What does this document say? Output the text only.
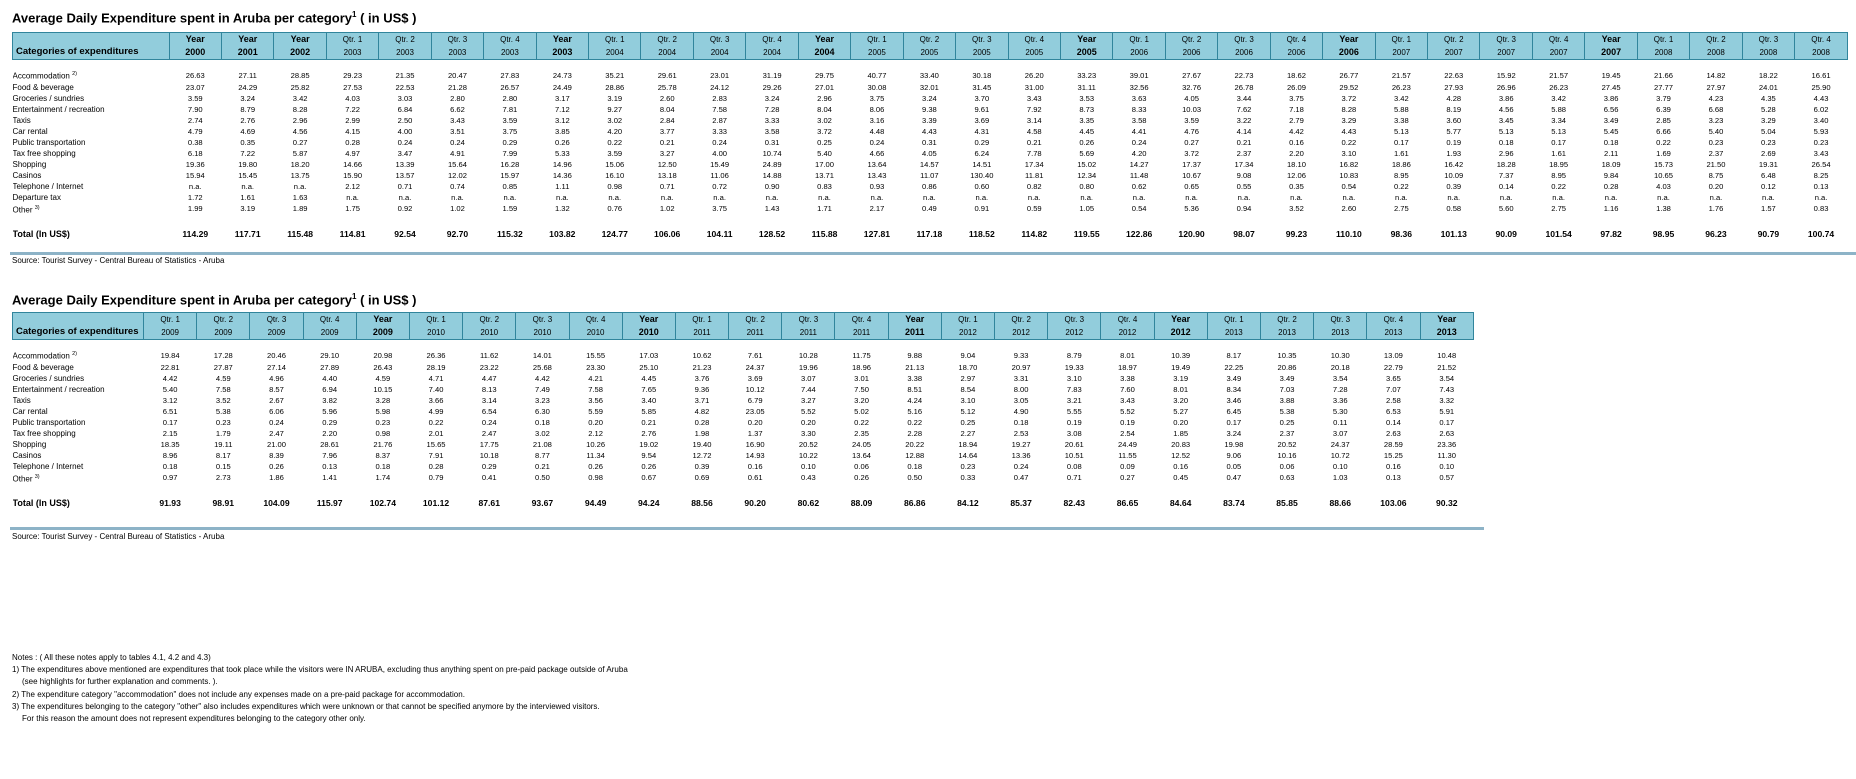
Average Daily Expenditure spent in Aruba per category$^1$ ( in US$ )
Categories of expenditures	Year	Year	Year	Qtr. 1	Qtr. 2	Qtr. 3	Qtr. 4	Year	Qtr. 1	Qtr. 2	Qtr. 3	Qtr. 4	Year	Qtr. 1	Qtr. 2	Qtr. 3	Qtr. 4	Year	Qtr. 1	Qtr. 2	Qtr. 3	Qtr. 4	Year	Qtr. 1	Qtr. 2	Qtr. 3	Qtr. 4	Year	Qtr. 1	Qtr. 2	Qtr. 3	Qtr. 4
	2000	2001	2002	2003	2003	2003	2003	2003	2004	2004	2004	2004	2004	2005	2005	2005	2005	2005	2006	2006	2006	2006	2006	2007	2007	2007	2007	2007	2008	2008	2008	2008

Accommodation $^{2)}$	26.63	27.11	28.85	29.23	21.35	20.47	27.83	24.73	35.21	29.61	23.01	31.19	29.75	40.77	33.40	30.18	26.20	33.23	39.01	27.67	22.73	18.62	26.77	21.57	22.63	15.92	21.57	19.45	21.66	14.82	18.22	16.61
Food & beverage	23.07	24.29	25.82	27.53	22.53	21.28	26.57	24.49	28.86	25.78	24.12	29.26	27.01	30.08	32.01	31.45	31.00	31.11	32.56	32.76	26.78	26.09	29.52	26.23	27.93	26.96	26.23	27.45	27.77	27.97	24.01	25.90
Groceries / sundries	3.59	3.24	3.42	4.03	3.03	2.80	2.80	3.17	3.19	2.60	2.83	3.24	2.96	3.75	3.24	3.70	3.43	3.53	3.63	4.05	3.44	3.75	3.72	3.42	4.28	3.86	3.42	3.86	3.79	4.23	4.35	4.43
Entertainment / recreation	7.90	8.79	8.28	7.22	6.84	6.62	7.81	7.12	9.27	8.04	7.58	7.28	8.04	8.06	9.38	9.61	7.92	8.73	8.33	10.03	7.62	7.18	8.28	5.88	8.19	4.56	5.88	6.56	6.39	6.68	5.28	6.02
Taxis	2.74	2.76	2.96	2.99	2.50	3.43	3.59	3.12	3.02	2.84	2.87	3.33	3.02	3.16	3.39	3.69	3.14	3.35	3.58	3.59	3.22	2.79	3.29	3.38	3.60	3.45	3.34	3.49	2.85	3.23	3.29	3.40
Car rental	4.79	4.69	4.56	4.15	4.00	3.51	3.75	3.85	4.20	3.77	3.33	3.58	3.72	4.48	4.43	4.31	4.58	4.45	4.41	4.76	4.14	4.42	4.43	5.13	5.77	5.13	5.13	5.45	6.66	5.40	5.04	5.93
Public transportation	0.38	0.35	0.27	0.28	0.24	0.24	0.29	0.26	0.22	0.21	0.24	0.31	0.25	0.24	0.31	0.29	0.21	0.26	0.24	0.27	0.21	0.16	0.22	0.17	0.19	0.18	0.17	0.18	0.22	0.23	0.23	0.23
Tax free shopping	6.18	7.22	5.87	4.97	3.47	4.91	7.99	5.33	3.59	3.27	4.00	10.74	5.40	4.66	4.05	6.24	7.78	5.69	4.20	3.72	2.37	2.20	3.10	1.61	1.93	2.96	1.61	2.11	1.69	2.37	2.69	3.43
Shopping	19.36	19.80	18.20	14.66	13.39	15.64	16.28	14.96	15.06	12.50	15.49	24.89	17.00	13.64	14.57	14.51	17.34	15.02	14.27	17.37	17.34	18.10	16.82	18.86	16.42	18.28	18.95	18.09	15.73	21.50	19.31	26.54
Casinos	15.94	15.45	13.75	15.90	13.57	12.02	15.97	14.36	16.10	13.18	11.06	14.88	13.71	13.43	11.07	130.40	11.81	12.34	11.48	10.67	9.08	12.06	10.83	8.95	10.09	7.37	8.95	9.84	10.65	8.75	6.48	8.25
Telephone / Internet	n.a.	n.a.	n.a.	2.12	0.71	0.74	0.85	1.11	0.98	0.71	0.72	0.90	0.83	0.93	0.86	0.60	0.82	0.80	0.62	0.65	0.55	0.35	0.54	0.22	0.39	0.14	0.22	0.28	4.03	0.20	0.12	0.13
Departure tax	1.72	1.61	1.63	n.a.	n.a.	n.a.	n.a.	n.a.	n.a.	n.a.	n.a.	n.a.	n.a.	n.a.	n.a.	n.a.	n.a.	n.a.	n.a.	n.a.	n.a.	n.a.	n.a.	n.a.	n.a.	n.a.	n.a.	n.a.	n.a.	n.a.	n.a.	n.a.
Other $^{3)}$	1.99	3.19	1.89	1.75	0.92	1.02	1.59	1.32	0.76	1.02	3.75	1.43	1.71	2.17	0.49	0.91	0.59	1.05	0.54	5.36	0.94	3.52	2.60	2.75	0.58	5.60	2.75	1.16	1.38	1.76	1.57	0.83

Total (In US$)	114.29	117.71	115.48	114.81	92.54	92.70	115.32	103.82	124.77	106.06	104.11	128.52	115.88	127.81	117.18	118.52	114.82	119.55	122.86	120.90	98.07	99.23	110.10	98.36	101.13	90.09	101.54	97.82	98.95	96.23	90.79	100.74
Source: Tourist Survey - Central Bureau of Statistics - Aruba
Average Daily Expenditure spent in Aruba per category$^1$ ( in US$ )
Categories of expenditures	Qtr. 1	Qtr. 2	Qtr. 3	Qtr. 4	Year	Qtr. 1	Qtr. 2	Qtr. 3	Qtr. 4	Year	Qtr. 1	Qtr. 2	Qtr. 3	Qtr. 4	Year	Qtr. 1	Qtr. 2	Qtr. 3	Qtr. 4	Year	Qtr. 1	Qtr. 2	Qtr. 3	Qtr. 4	Year
	2009	2009	2009	2009	2009	2010	2010	2010	2010	2010	2011	2011	2011	2011	2011	2012	2012	2012	2012	2012	2013	2013	2013	2013	2013

Accommodation $^{2)}$	19.84	17.28	20.46	29.10	20.98	26.36	11.62	14.01	15.55	17.03	10.62	7.61	10.28	11.75	9.88	9.04	9.33	8.79	8.01	10.39	8.17	10.35	10.30	13.09	10.48
Food & beverage	22.81	27.87	27.14	27.89	26.43	28.19	23.22	25.68	23.30	25.10	21.23	24.37	19.96	18.96	21.13	18.70	20.97	19.33	18.97	19.49	22.25	20.86	20.18	22.79	21.52
Groceries / sundries	4.42	4.59	4.96	4.40	4.59	4.71	4.47	4.42	4.21	4.45	3.76	3.69	3.07	3.01	3.38	2.97	3.31	3.10	3.38	3.19	3.49	3.49	3.54	3.65	3.54
Entertainment / recreation	5.40	7.58	8.57	6.94	10.15	7.40	8.13	7.49	7.58	7.65	9.36	10.12	7.44	7.50	8.51	8.54	8.00	7.83	7.60	8.01	8.34	7.03	7.28	7.07	7.43
Taxis	3.12	3.52	2.67	3.82	3.28	3.66	3.14	3.23	3.56	3.40	3.71	6.79	3.27	3.20	4.24	3.10	3.05	3.21	3.43	3.20	3.46	3.88	3.36	2.58	3.32
Car rental	6.51	5.38	6.06	5.96	5.98	4.99	6.54	6.30	5.59	5.85	4.82	23.05	5.52	5.02	5.16	5.12	4.90	5.55	5.52	5.27	6.45	5.38	5.30	6.53	5.91
Public transportation	0.17	0.23	0.24	0.29	0.23	0.22	0.24	0.18	0.20	0.21	0.28	0.20	0.20	0.22	0.22	0.25	0.18	0.19	0.19	0.20	0.17	0.25	0.11	0.14	0.17
Tax free shopping	2.15	1.79	2.47	2.20	0.98	2.01	2.47	3.02	2.12	2.76	1.98	1.37	3.30	2.35	2.28	2.27	2.53	3.08	2.54	1.85	3.24	2.37	3.07	2.63	2.63
Shopping	18.35	19.11	21.00	28.61	21.76	15.65	17.75	21.08	10.26	19.02	19.40	16.90	20.52	24.05	20.22	18.94	19.27	20.61	24.49	20.83	19.98	20.52	24.37	28.59	23.36
Casinos	8.96	8.17	8.39	7.96	8.37	7.91	10.18	8.77	11.34	9.54	12.72	14.93	10.22	13.64	12.88	14.64	13.36	10.51	11.55	12.52	9.06	10.16	10.72	15.25	11.30
Telephone / Internet	0.18	0.15	0.26	0.13	0.18	0.28	0.29	0.21	0.26	0.26	0.39	0.16	0.10	0.06	0.18	0.23	0.24	0.08	0.09	0.16	0.05	0.06	0.10	0.16	0.10
Other $^{3)}$	0.97	2.73	1.86	1.41	1.74	0.79	0.41	0.50	0.98	0.67	0.69	0.61	0.43	0.26	0.50	0.33	0.47	0.71	0.27	0.45	0.47	0.63	1.03	0.13	0.57

Total (In US$)	91.93	98.91	104.09	115.97	102.74	101.12	87.61	93.67	94.49	94.24	88.56	90.20	80.62	88.09	86.86	84.12	85.37	82.43	86.65	84.64	83.74	85.85	88.66	103.06	90.32
Source: Tourist Survey - Central Bureau of Statistics - Aruba
Notes : ( All these notes apply to tables 4.1, 4.2 and 4.3)
1) The expenditures above mentioned are expenditures that took place while the visitors were IN ARUBA, excluding thus anything spent on pre-paid package outside of Aruba
(see highlights for further explanation and comments. ).
2) The expenditure category "accommodation" does not include any expenses made on a pre-paid package for accommodation.
3) The expenditures belonging to the category "other" also includes expenditures which were unknown or that cannot be specified anymore by the interviewed visitors.
For this reason the amount does not represent expenditures belonging to the category other only.
